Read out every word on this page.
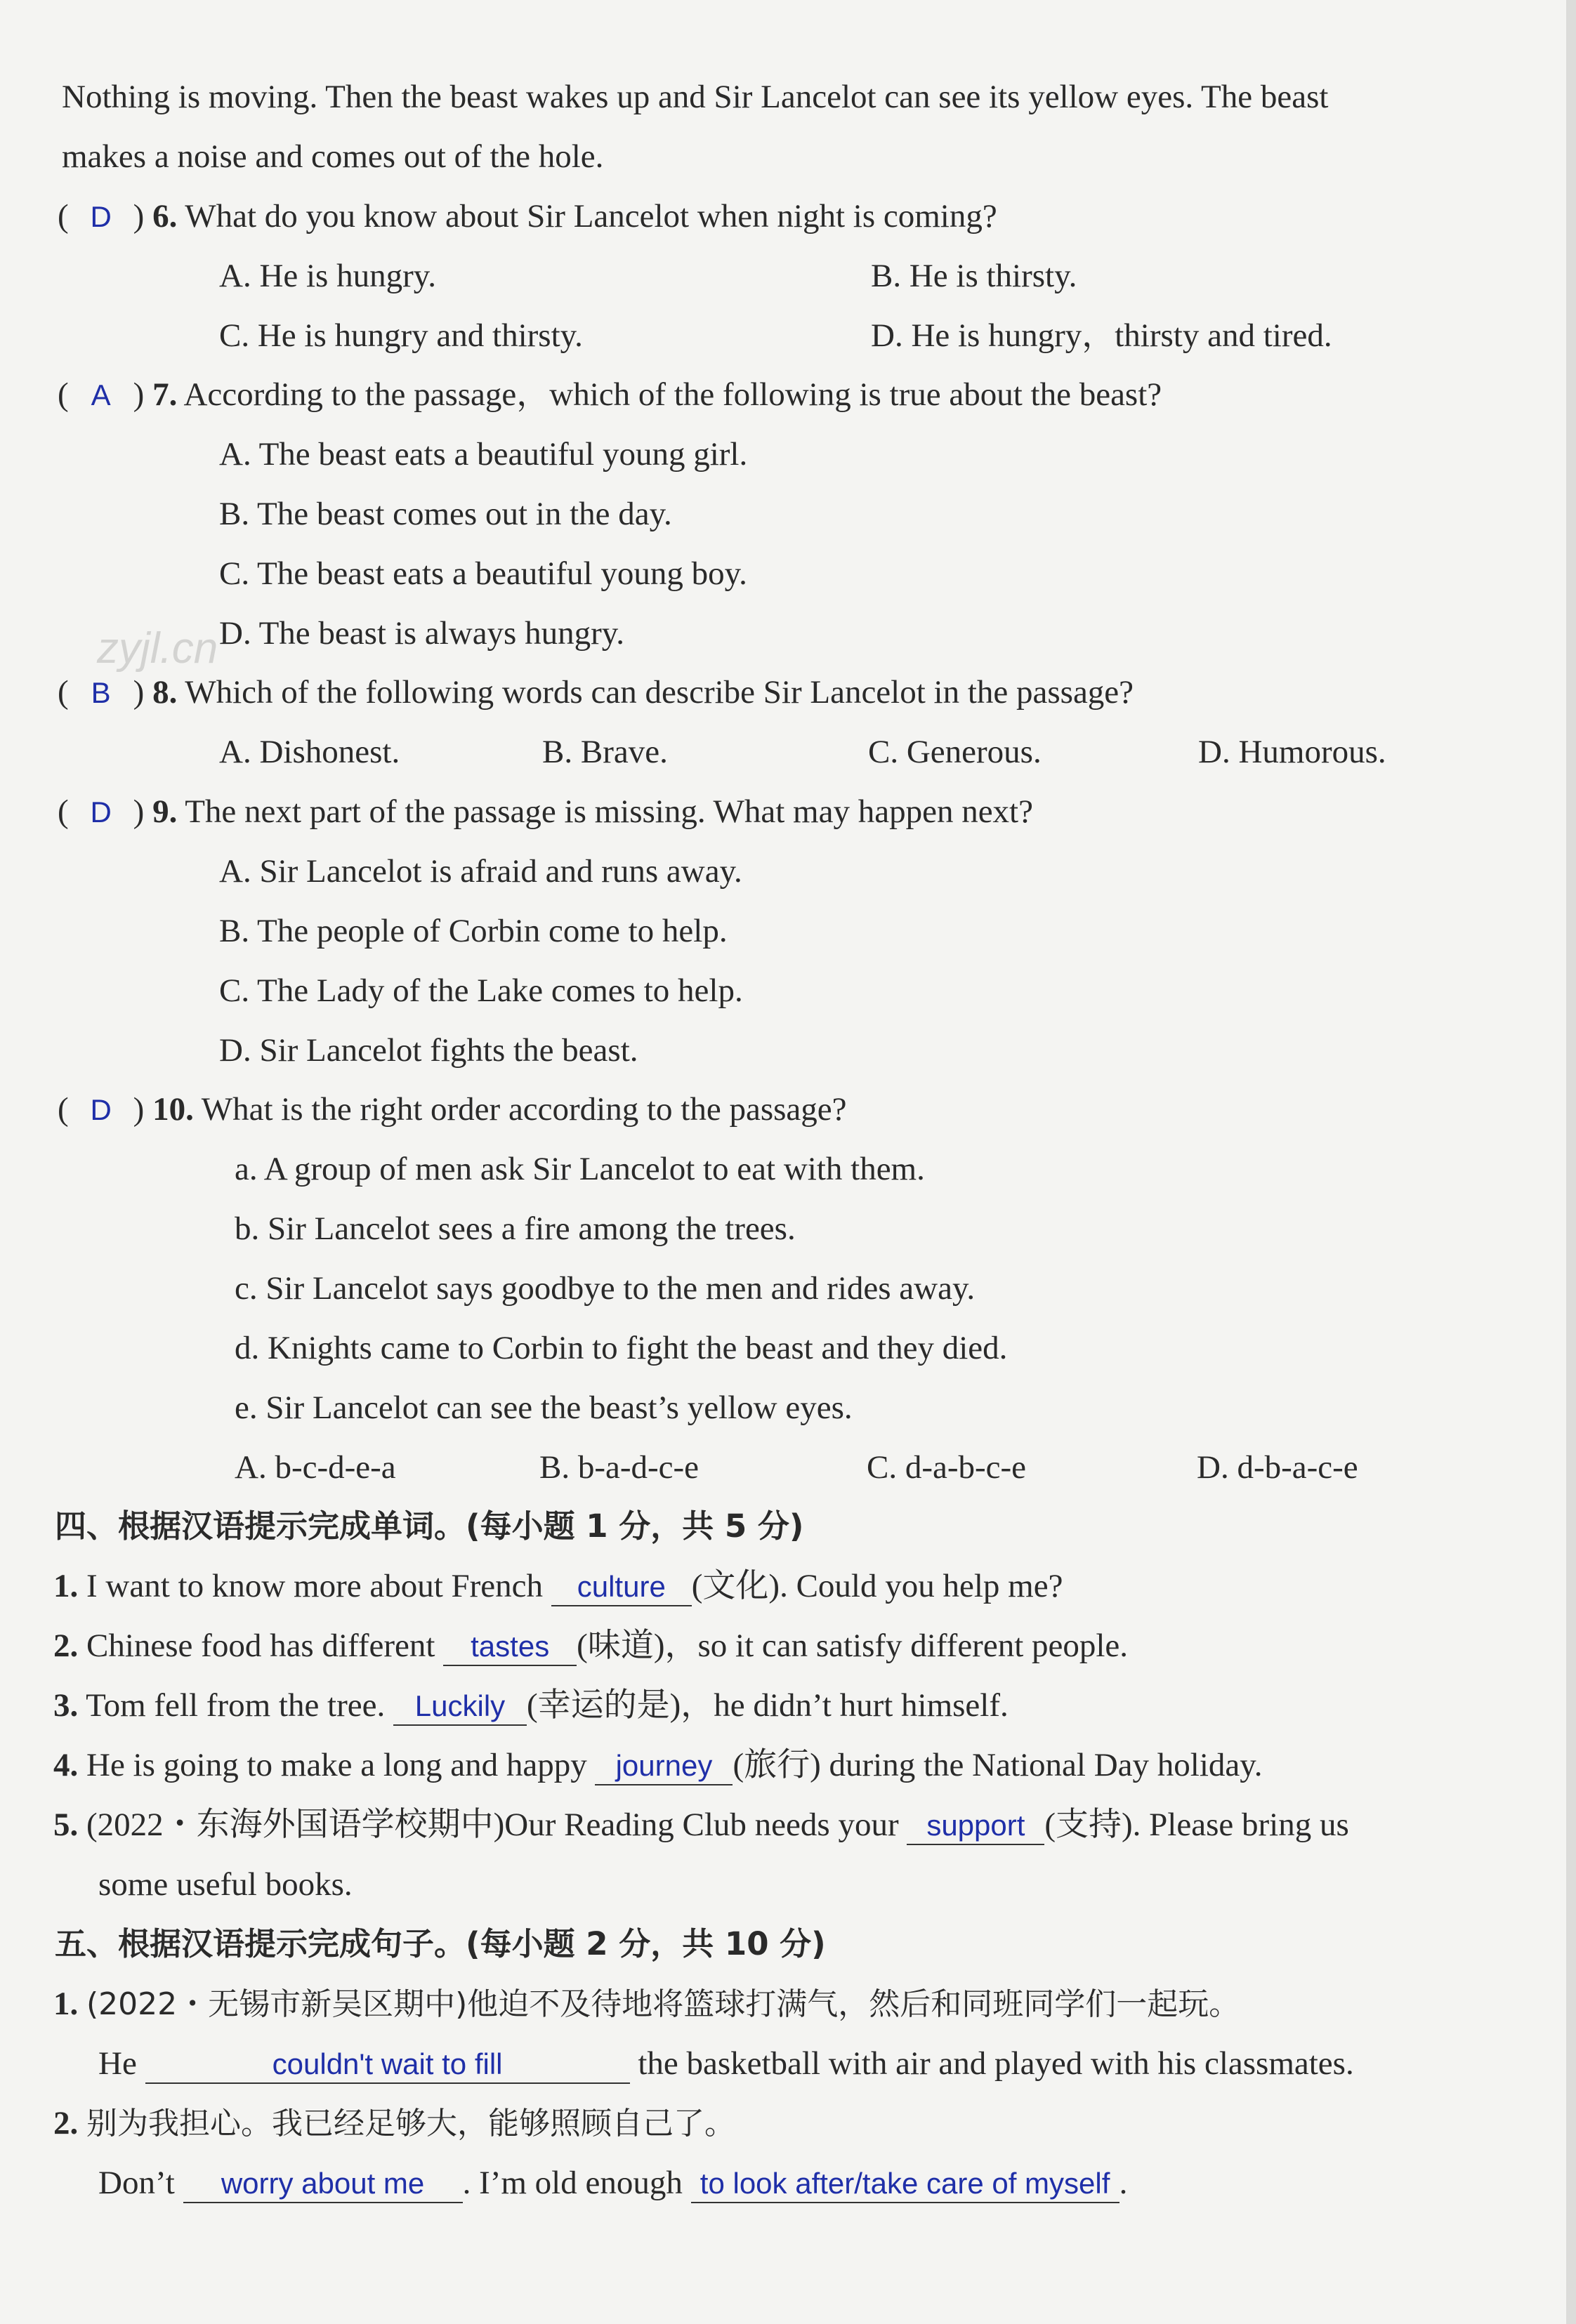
zyjl.cn
Nothing is moving. Then the beast wakes up and Sir Lancelot can see its yellow eyes. The beast
makes a noise and comes out of the hole.
( D ) 6. What do you know about Sir Lancelot when night is coming?
A. He is hungry.	B. He is thirsty.
C. He is hungry and thirsty.	D. He is hungry，thirsty and tired.
( A ) 7. According to the passage，which of the following is true about the beast?
A. The beast eats a beautiful young girl.
B. The beast comes out in the day.
C. The beast eats a beautiful young boy.
D. The beast is always hungry.
( B ) 8. Which of the following words can describe Sir Lancelot in the passage?
A. Dishonest.	B. Brave.	C. Generous.	D. Humorous.
( D ) 9. The next part of the passage is missing. What may happen next?
A. Sir Lancelot is afraid and runs away.
B. The people of Corbin come to help.
C. The Lady of the Lake comes to help.
D. Sir Lancelot fights the beast.
( D ) 10. What is the right order according to the passage?
a. A group of men ask Sir Lancelot to eat with them.
b. Sir Lancelot sees a fire among the trees.
c. Sir Lancelot says goodbye to the men and rides away.
d. Knights came to Corbin to fight the beast and they died.
e. Sir Lancelot can see the beast’s yellow eyes.
A. b-c-d-e-a	B. b-a-d-c-e	C. d-a-b-c-e	D. d-b-a-c-e
四、根据汉语提示完成单词。(每小题 1 分，共 5 分)
1. I want to know more about French culture (文化). Could you help me?
2. Chinese food has different tastes (味道)，so it can satisfy different people.
3. Tom fell from the tree. Luckily (幸运的是)，he didn’t hurt himself.
4. He is going to make a long and happy journey (旅行) during the National Day holiday.
5. (2022・东海外国语学校期中)Our Reading Club needs your support (支持). Please bring us
some useful books.
五、根据汉语提示完成句子。(每小题 2 分，共 10 分)
1. (2022・无锡市新吴区期中)他迫不及待地将篮球打满气，然后和同班同学们一起玩。
He	couldn't wait to fill	the basketball with air and played with his classmates.
2. 别为我担心。我已经足够大，能够照顾自己了。
Don’t worry about me . I’m old enough to look after/take care of myself .
